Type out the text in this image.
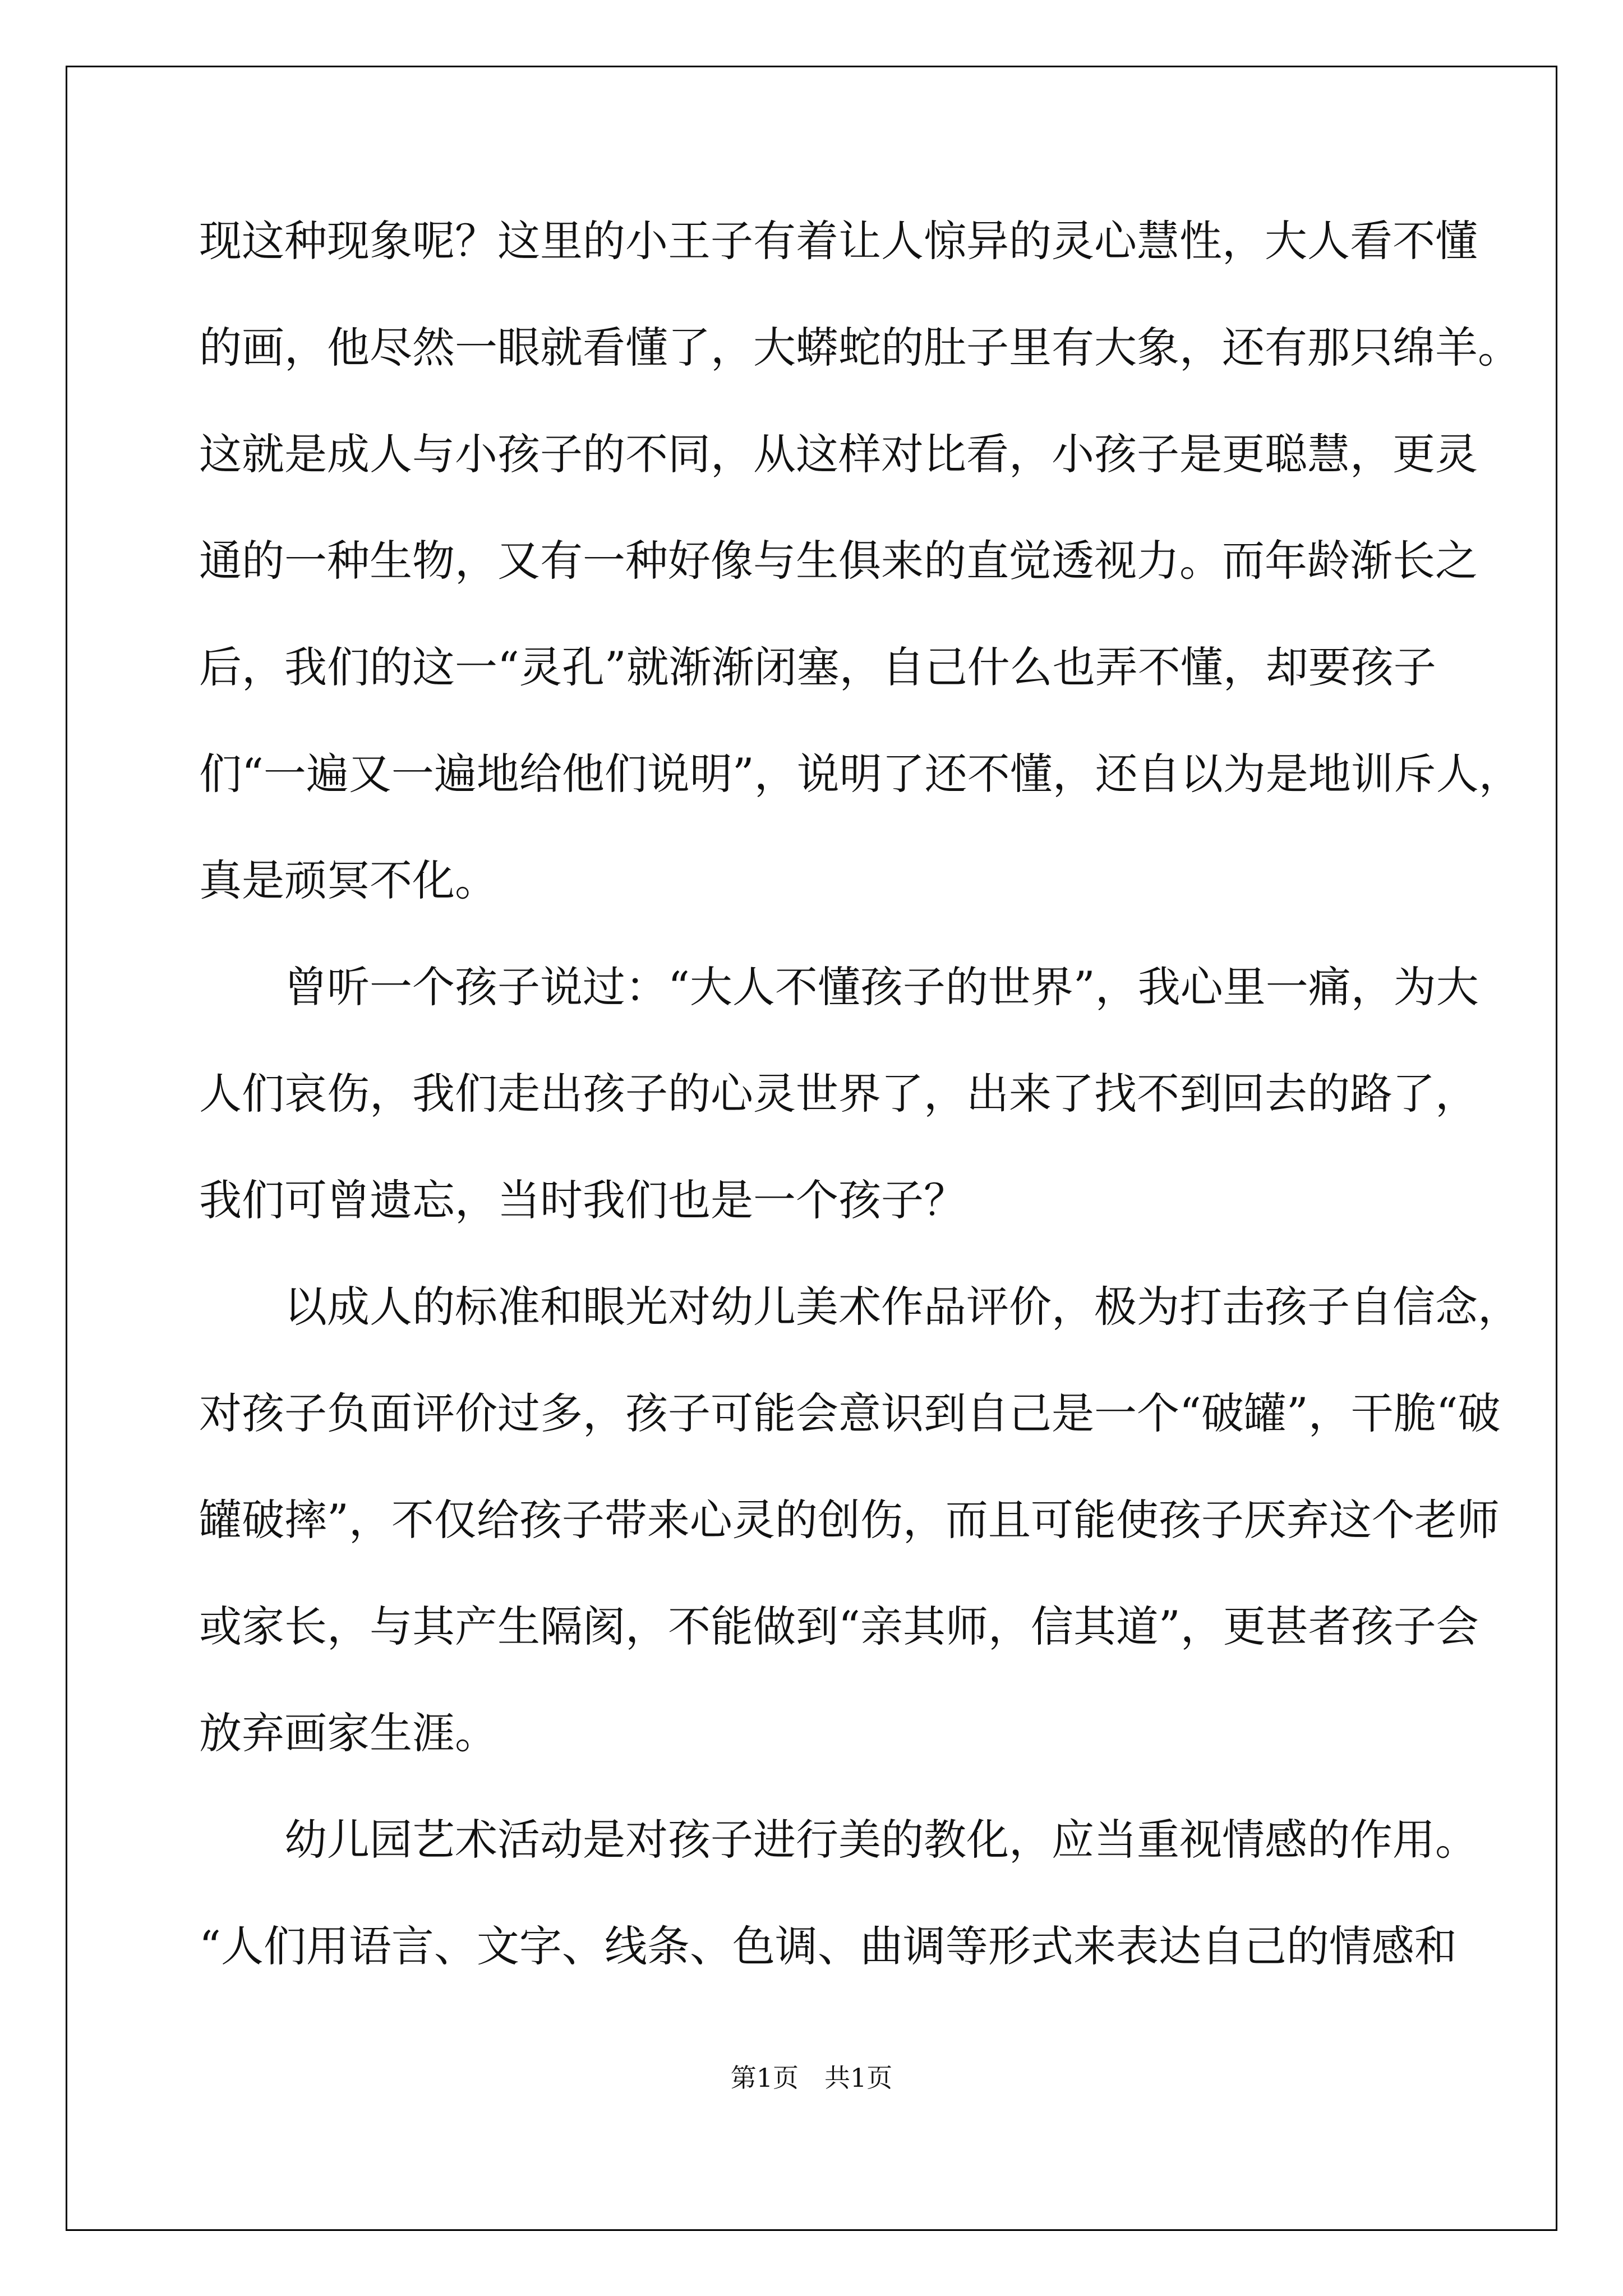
现这种现象呢？这里的小王子有着让人惊异的灵心慧性，大人看不懂
的画，他尽然一眼就看懂了，大蟒蛇的肚子里有大象，还有那只绵羊。
这就是成人与小孩子的不同，从这样对比看，小孩子是更聪慧，更灵
通的一种生物，又有一种好像与生俱来的直觉透视力。而年龄渐长之
后，我们的这一“灵孔”就渐渐闭塞，自己什么也弄不懂，却要孩子
们“一遍又一遍地给他们说明”，说明了还不懂，还自以为是地训斥人，
真是顽冥不化。
曾听一个孩子说过：“大人不懂孩子的世界”，我心里一痛，为大
人们哀伤，我们走出孩子的心灵世界了，出来了找不到回去的路了，
我们可曾遗忘，当时我们也是一个孩子？
以成人的标准和眼光对幼儿美术作品评价，极为打击孩子自信念，
对孩子负面评价过多，孩子可能会意识到自己是一个“破罐”，干脆“破
罐破摔”，不仅给孩子带来心灵的创伤，而且可能使孩子厌弃这个老师
或家长，与其产生隔阂，不能做到“亲其师，信其道”，更甚者孩子会
放弃画家生涯。
幼儿园艺术活动是对孩子进行美的教化，应当重视情感的作用。
“人们用语言、文字、线条、色调、曲调等形式来表达自己的情感和
第1页　共1页
